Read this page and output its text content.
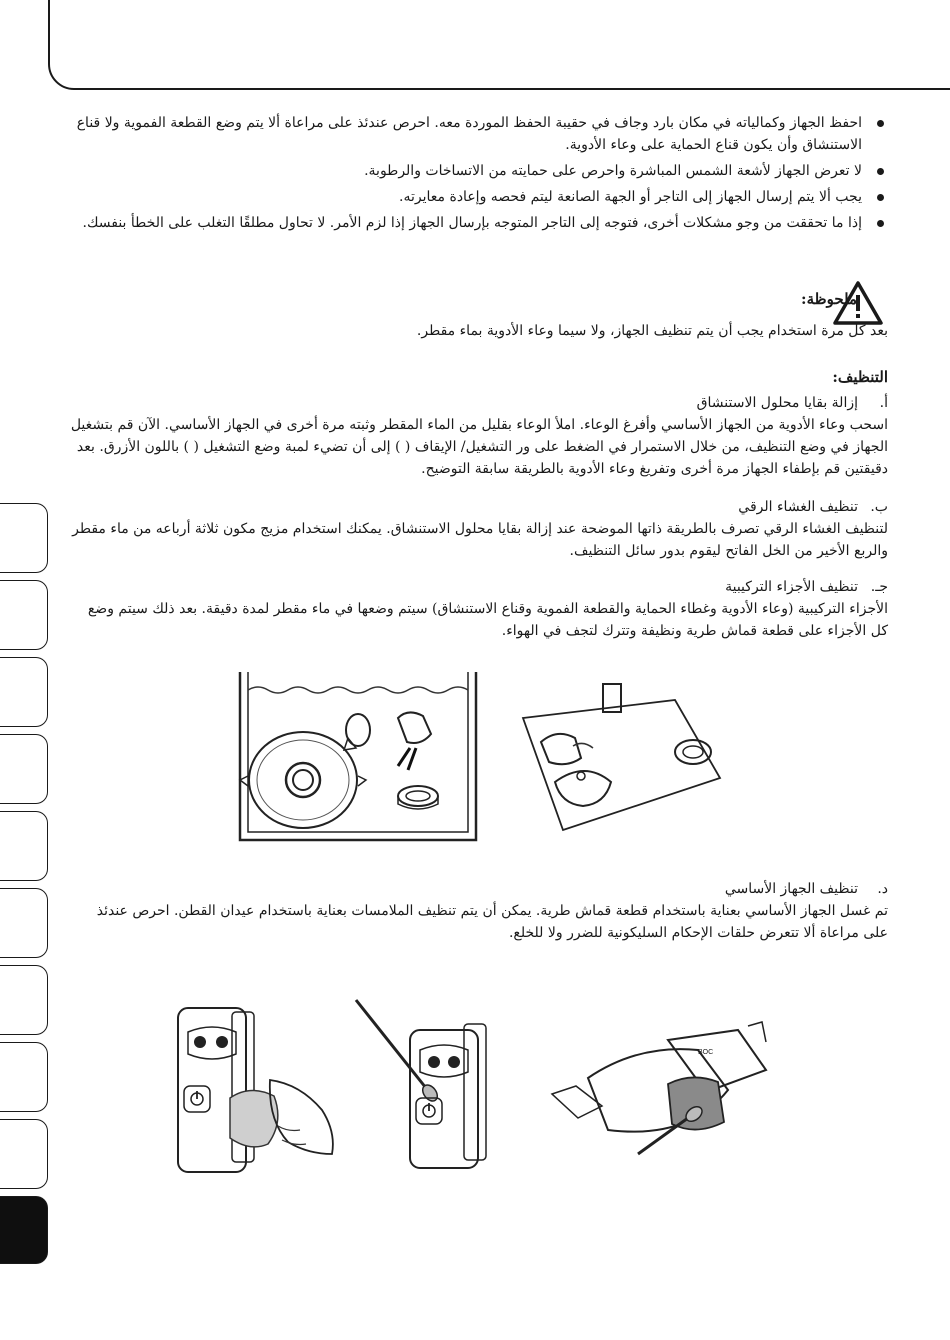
احفظ الجهاز وكمالياته في مكان بارد وجاف في حقيبة الحفظ الموردة معه. احرص عندئذ على مراعاة ألا يتم وضع القطعة الفموية ولا قناع الاستنشاق وأن يكون قناع الحماية على وعاء الأدوية.
لا تعرض الجهاز لأشعة الشمس المباشرة واحرص على حمايته من الاتساخات والرطوبة.
يجب ألا يتم إرسال الجهاز إلى التاجر أو الجهة الصانعة ليتم فحصه وإعادة معايرته.
إذا ما تحققت من وجو مشكلات أخرى، فتوجه إلى التاجر المتوجه بإرسال الجهاز إذا لزم الأمر. لا تحاول مطلقًا التغلب على الخطأ بنفسك.
ملحوظة:
بعد كل مرة استخدام يجب أن يتم تنظيف الجهاز، ولا سيما وعاء الأدوية بماء مقطر.
التنظيف:
أ.إزالة بقايا محلول الاستنشاق
اسحب وعاء الأدوية من الجهاز الأساسي وأفرغ الوعاء. املأ الوعاء بقليل من الماء المقطر وثبته مرة أخرى في الجهاز الأساسي. الآن قم بتشغيل الجهاز في وضع التنظيف، من خلال الاستمرار في الضغط على ور التشغيل/ الإيقاف ( ) إلى أن تضيء لمبة وضع التشغيل ( ) باللون الأزرق. بعد دقيقتين قم بإطفاء الجهاز مرة أخرى وتفريغ وعاء الأدوية بالطريقة سابقة التوضيح.
ب.تنظيف الغشاء الرقي
لتنظيف الغشاء الرقي تصرف بالطريقة ذاتها الموضحة عند إزالة بقايا محلول الاستنشاق. يمكنك استخدام مزيج مكون ثلاثة أرباعه من ماء مقطر والربع الأخير من الخل الفاتح ليقوم بدور سائل التنظيف.
جـ.تنظيف الأجزاء التركيبية
الأجزاء التركيبية (وعاء الأدوية وغطاء الحماية والقطعة الفموية وقناع الاستنشاق) سيتم وضعها في ماء مقطر لمدة دقيقة. بعد ذلك سيتم وضع كل الأجزاء على قطعة قماش طرية ونظيفة وتترك لتجف في الهواء.
د.تنظيف الجهاز الأساسي
تم غسل الجهاز الأساسي بعناية باستخدام قطعة قماش طرية. يمكن أن يتم تنظيف الملامسات بعناية باستخدام عيدان القطن. احرص عندئذ على مراعاة ألا تتعرض حلقات الإحكام السليكونية للضرر ولا للخلع.
BOC
